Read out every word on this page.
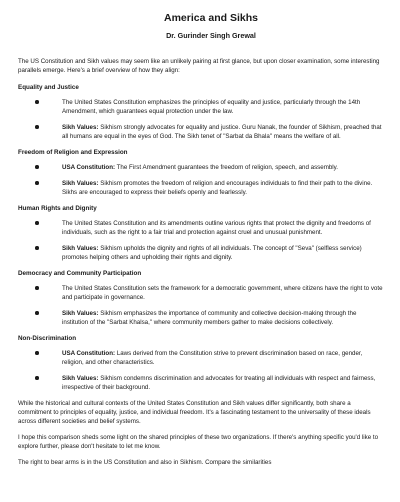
America and Sikhs
Dr. Gurinder Singh Grewal

The US Constitution and Sikh values may seem like an unlikely pairing at first glance, but upon closer examination, some interesting parallels emerge. Here's a brief overview of how they align:

Equality and Justice
The United States Constitution emphasizes the principles of equality and justice, particularly through the 14th Amendment, which guarantees equal protection under the law.
Sikh Values: Sikhism strongly advocates for equality and justice. Guru Nanak, the founder of Sikhism, preached that all humans are equal in the eyes of God. The Sikh tenet of "Sarbat da Bhala" means the welfare of all.
Freedom of Religion and Expression
USA Constitution: The First Amendment guarantees the freedom of religion, speech, and assembly.
Sikh Values: Sikhism promotes the freedom of religion and encourages individuals to find their path to the divine. Sikhs are encouraged to express their beliefs openly and fearlessly.
Human Rights and Dignity
The United States Constitution and its amendments outline various rights that protect the dignity and freedoms of individuals, such as the right to a fair trial and protection against cruel and unusual punishment.
Sikh Values: Sikhism upholds the dignity and rights of all individuals. The concept of "Seva" (selfless service) promotes helping others and upholding their rights and dignity.
Democracy and Community Participation
The United States Constitution sets the framework for a democratic government, where citizens have the right to vote and participate in governance.
Sikh Values: Sikhism emphasizes the importance of community and collective decision-making through the institution of the "Sarbat Khalsa," where community members gather to make decisions collectively.
Non-Discrimination
USA Constitution: Laws derived from the Constitution strive to prevent discrimination based on race, gender, religion, and other characteristics.
Sikh Values: Sikhism condemns discrimination and advocates for treating all individuals with respect and fairness, irrespective of their background.

While the historical and cultural contexts of the United States Constitution and Sikh values differ significantly, both share a commitment to principles of equality, justice, and individual freedom. It's a fascinating testament to the universality of these ideals across different societies and belief systems.

I hope this comparison sheds some light on the shared principles of these two organizations. If there's anything specific you'd like to explore further, please don't hesitate to let me know.

The right to bear arms is in the US Constitution and also in Sikhism. Compare the similarities
